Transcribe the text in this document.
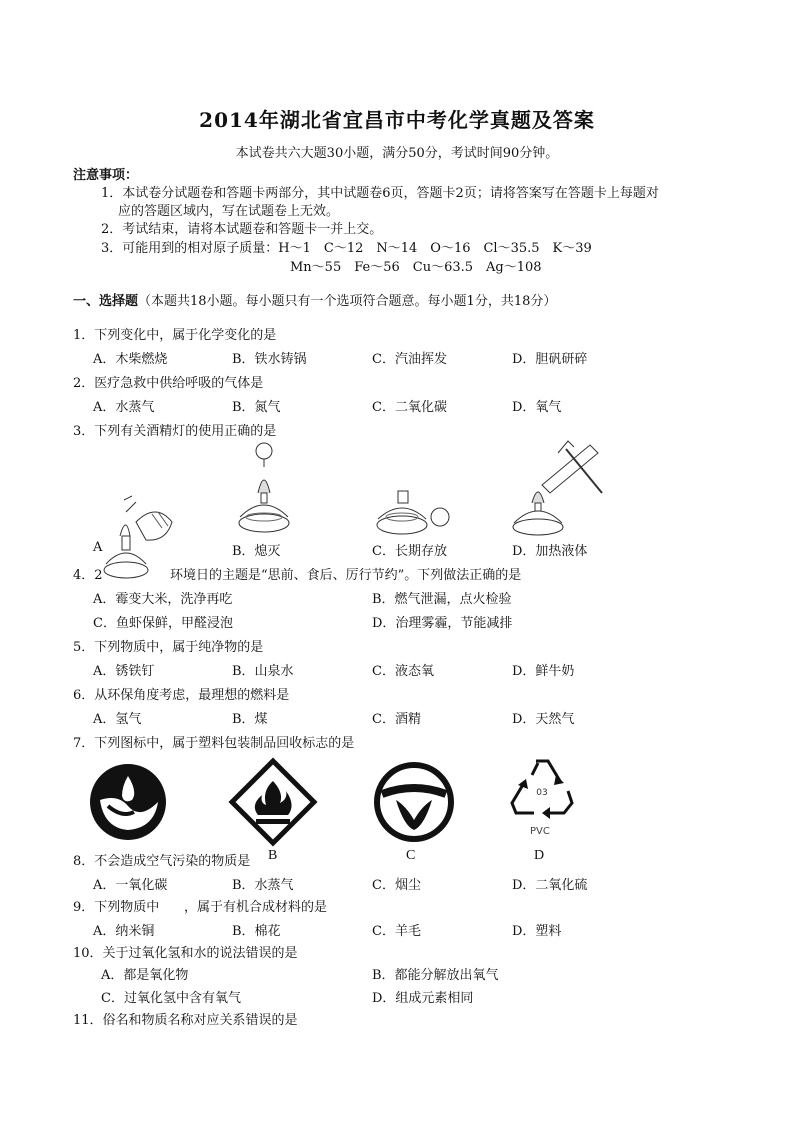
2014年湖北省宜昌市中考化学真题及答案
本试卷共六大题30小题，满分50分，考试时间90分钟。
注意事项：
1．本试卷分试题卷和答题卡两部分，其中试题卷6页，答题卡2页；请将答案写在答题卡上每题对
应的答题区域内，写在试题卷上无效。
2．考试结束，请将本试题卷和答题卡一并上交。
3．可能用到的相对原子质量：H～1　C～12　N～14　O～16　Cl～35.5　K～39
Mn～55　Fe～56　Cu～63.5　Ag～108
一、选择题（本题共18小题。每小题只有一个选项符合题意。每小题1分，共18分）
1．下列变化中，属于化学变化的是
A．木柴燃烧	B．铁水铸锅	C．汽油挥发	D．胆矾研碎
2．医疗急救中供给呼吸的气体是
A．水蒸气	B．氮气	C．二氧化碳	D．氧气
3．下列有关酒精灯的使用正确的是
A	B．熄灭	C．长期存放	D．加热液体
4．2	环境日的主题是“思前、食后、厉行节约”。下列做法正确的是
A．霉变大米，洗净再吃	B．燃气泄漏，点火检验
C．鱼虾保鲜，甲醛浸泡	D．治理雾霾，节能减排
5．下列物质中，属于纯净物的是
A．锈铁钉	B．山泉水	C．液态氧	D．鲜牛奶
6．从环保角度考虑，最理想的燃料是
A．氢气	B．煤	C．酒精	D．天然气
7．下列图标中，属于塑料包装制品回收标志的是
03
PVC
8．不会造成空气污染的物质是 B	C	D
A．一氧化碳	B．水蒸气	C．烟尘	D．二氧化硫
9．下列物质中 ，属于有机合成材料的是
A．纳米铜	B．棉花	C．羊毛	D．塑料
10．关于过氧化氢和水的说法错误的是
A．都是氧化物	B．都能分解放出氧气
C．过氧化氢中含有氧气	D．组成元素相同
11．俗名和物质名称对应关系错误的是
